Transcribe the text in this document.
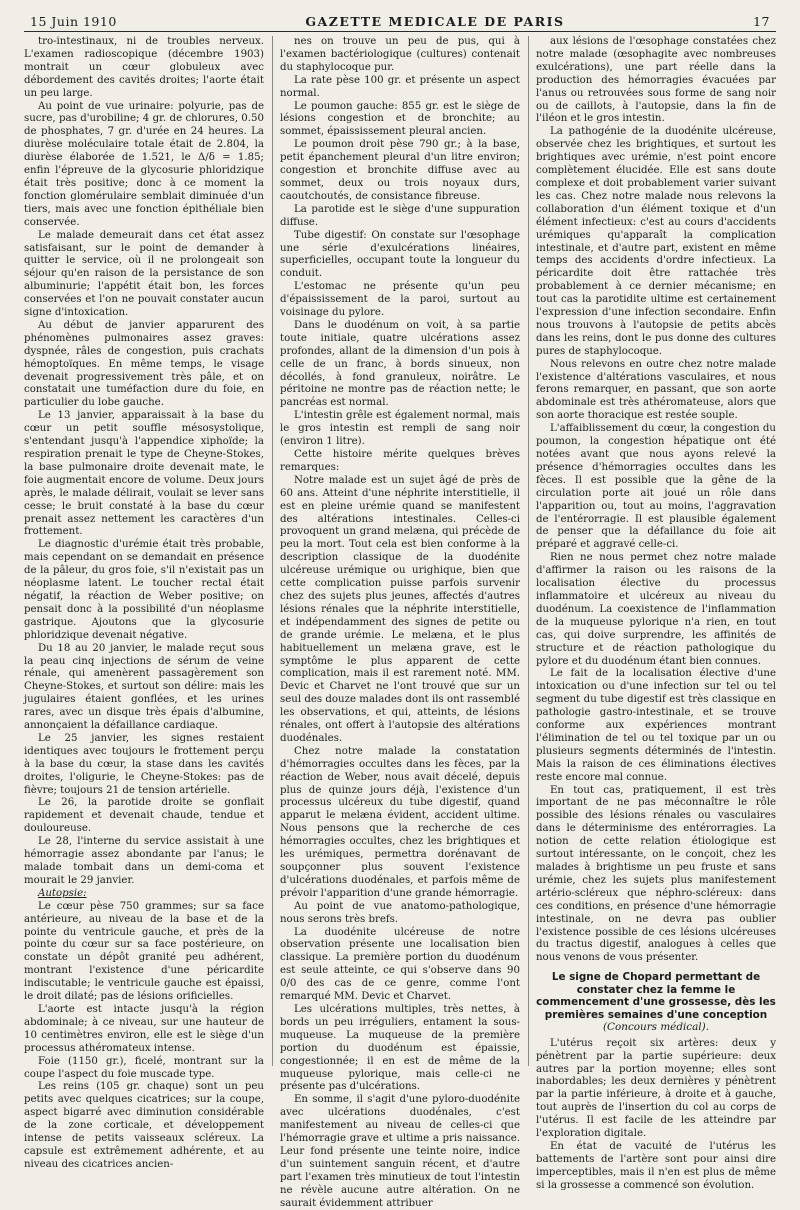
15 Juin 1910	GAZETTE MEDICALE DE PARIS	17

tro-intestinaux, ni de troubles nerveux. L'examen radioscopique (décembre 1903) montrait un cœur globuleux avec débordement des cavités droites; l'aorte était un peu large.

Au point de vue urinaire: polyurie, pas de sucre, pas d'urobiline; 4 gr. de chlorures, 0.50 de phosphates, 7 gr. d'urée en 24 heures. La diurèse moléculaire totale était de 2.804, la diurèse élaborée de 1.521, le Δ/δ = 1.85; enfin l'épreuve de la glycosurie phloridzique était très positive; donc à ce moment la fonction glomérulaire semblait diminuée d'un tiers, mais avec une fonction épithéliale bien conservée.

Le malade demeurait dans cet état assez satisfaisant, sur le point de demander à quitter le service, où il ne prolongeait son séjour qu'en raison de la persistance de son albuminurie; l'appétit était bon, les forces conservées et l'on ne pouvait constater aucun signe d'intoxication.

Au début de janvier apparurent des phénomènes pulmonaires assez graves: dyspnée, râles de congestion, puis crachats hémoptoïques. En même temps, le visage devenait progressivement très pâle, et on constatait une tuméfaction dure du foie, en particulier du lobe gauche.

Le 13 janvier, apparaissait à la base du cœur un petit souffle mésosystolique, s'entendant jusqu'à l'appendice xiphoïde; la respiration prenait le type de Cheyne-Stokes, la base pulmonaire droite devenait mate, le foie augmentait encore de volume. Deux jours après, le malade délirait, voulait se lever sans cesse; le bruit constaté à la base du cœur prenait assez nettement les caractères d'un frottement.

Le diagnostic d'urémie était très probable, mais cependant on se demandait en présence de la pâleur, du gros foie, s'il n'existait pas un néoplasme latent. Le toucher rectal était négatif, la réaction de Weber positive; on pensait donc à la possibilité d'un néoplasme gastrique. Ajoutons que la glycosurie phloridzique devenait négative.

Du 18 au 20 janvier, le malade reçut sous la peau cinq injections de sérum de veine rénale, qui amenèrent passagèrement son Cheyne-Stokes, et surtout son délire: mais les jugulaires étaient gonflées, et les urines rares, avec un disque très épais d'albumine, annonçaient la défaillance cardiaque.

Le 25 janvier, les signes restaient identiques avec toujours le frottement perçu à la base du cœur, la stase dans les cavités droites, l'oligurie, le Cheyne-Stokes: pas de fièvre; toujours 21 de tension artérielle.

Le 26, la parotide droite se gonflait rapidement et devenait chaude, tendue et douloureuse.

Le 28, l'interne du service assistait à une hémorragie assez abondante par l'anus; le malade tombait dans un demi-coma et mourait le 29 janvier.

Autopsie:

Le cœur pèse 750 grammes; sur sa face antérieure, au niveau de la base et de la pointe du ventricule gauche, et près de la pointe du cœur sur sa face postérieure, on constate un dépôt granité peu adhérent, montrant l'existence d'une péricardite indiscutable; le ventricule gauche est épaissi, le droit dilaté; pas de lésions orificielles.

L'aorte est intacte jusqu'à la région abdominale; à ce niveau, sur une hauteur de 10 centimètres environ, elle est le siège d'un processus athéromateux intense.

Foie (1150 gr.), ficelé, montrant sur la coupe l'aspect du foie muscade type.

Les reins (105 gr. chaque) sont un peu petits avec quelques cicatrices; sur la coupe, aspect bigarré avec diminution considérable de la zone corticale, et développement intense de petits vaisseaux scléreux. La capsule est extrêmement adhérente, et au niveau des cicatrices ancien-

nes on trouve un peu de pus, qui à l'examen bactériologique (cultures) contenait du staphylocoque pur.

La rate pèse 100 gr. et présente un aspect normal.

Le poumon gauche: 855 gr. est le siège de lésions congestion et de bronchite; au sommet, épaississement pleural ancien.

Le poumon droit pèse 790 gr.; à la base, petit épanchement pleural d'un litre environ; congestion et bronchite diffuse avec au sommet, deux ou trois noyaux durs, caoutchoutés, de consistance fibreuse.

La parotide est le siège d'une suppuration diffuse.

Tube digestif: On constate sur l'œsophage une série d'exulcérations linéaires, superficielles, occupant toute la longueur du conduit.

L'estomac ne présente qu'un peu d'épaississement de la paroi, surtout au voisinage du pylore.

Dans le duodénum on voit, à sa partie toute initiale, quatre ulcérations assez profondes, allant de la dimension d'un pois à celle de un franc, à bords sinueux, non décollés, à fond granuleux, noirâtre. Le péritoine ne montre pas de réaction nette; le pancréas est normal.

L'intestin grêle est également normal, mais le gros intestin est rempli de sang noir (environ 1 litre).

Cette histoire mérite quelques brèves remarques:

Notre malade est un sujet âgé de près de 60 ans. Atteint d'une néphrite interstitielle, il est en pleine urémie quand se manifestent des altérations intestinales. Celles-ci provoquent un grand melæna, qui précède de peu la mort. Tout cela est bien conforme à la description classique de la duodénite ulcéreuse urémique ou urighique, bien que cette complication puisse parfois survenir chez des sujets plus jeunes, affectés d'autres lésions rénales que la néphrite interstitielle, et indépendamment des signes de petite ou de grande urémie. Le melæna, et le plus habituellement un melæna grave, est le symptôme le plus apparent de cette complication, mais il est rarement noté. MM. Devic et Charvet ne l'ont trouvé que sur un seul des douze malades dont ils ont rassemblé les observations, et qui, atteints, de lésions rénales, ont offert à l'autopsie des altérations duodénales.

Chez notre malade la constatation d'hémorragies occultes dans les fèces, par la réaction de Weber, nous avait décelé, depuis plus de quinze jours déjà, l'existence d'un processus ulcéreux du tube digestif, quand apparut le melæna évident, accident ultime. Nous pensons que la recherche de ces hémorragies occultes, chez les brightiques et les urémiques, permettra dorénavant de soupçonner plus souvent l'existence d'ulcérations duodénales, et parfois même de prévoir l'apparition d'une grande hémorragie.

Au point de vue anatomo-pathologique, nous serons très brefs.

La duodénite ulcéreuse de notre observation présente une localisation bien classique. La première portion du duodénum est seule atteinte, ce qui s'observe dans 90 0/0 des cas de ce genre, comme l'ont remarqué MM. Devic et Charvet.

Les ulcérations multiples, très nettes, à bords un peu irréguliers, entament la sous-muqueuse. La muqueuse de la première portion du duodénum est épaissie, congestionnée; il en est de même de la muqueuse pylorique, mais celle-ci ne présente pas d'ulcérations.

En somme, il s'agit d'une pyloro-duodénite avec ulcérations duodénales, c'est manifestement au niveau de celles-ci que l'hémorragie grave et ultime a pris naissance. Leur fond présente une teinte noire, indice d'un suintement sanguin récent, et d'autre part l'examen très minutieux de tout l'intestin ne révèle aucune autre altération. On ne saurait évidemment attribuer

aux lésions de l'œsophage constatées chez notre malade (œsophagite avec nombreuses exulcérations), une part réelle dans la production des hémorragies évacuées par l'anus ou retrouvées sous forme de sang noir ou de caillots, à l'autopsie, dans la fin de l'iléon et le gros intestin.

La pathogénie de la duodénite ulcéreuse, observée chez les brightiques, et surtout les brightiques avec urémie, n'est point encore complètement élucidée. Elle est sans doute complexe et doit probablement varier suivant les cas. Chez notre malade nous relevons la collaboration d'un élément toxique et d'un élément infectieux: c'est au cours d'accidents urémiques qu'apparaît la complication intestinale, et d'autre part, existent en même temps des accidents d'ordre infectieux. La péricardite doit être rattachée très probablement à ce dernier mécanisme; en tout cas la parotidite ultime est certainement l'expression d'une infection secondaire. Enfin nous trouvons à l'autopsie de petits abcès dans les reins, dont le pus donne des cultures pures de staphylocoque.

Nous relevons en outre chez notre malade l'existence d'altérations vasculaires, et nous ferons remarquer, en passant, que son aorte abdominale est très athéromateuse, alors que son aorte thoracique est restée souple.

L'affaiblissement du cœur, la congestion du poumon, la congestion hépatique ont été notées avant que nous ayons relevé la présence d'hémorragies occultes dans les fèces. Il est possible que la gêne de la circulation porte ait joué un rôle dans l'apparition ou, tout au moins, l'aggravation de l'entérorragie. Il est plausible également de penser que la défaillance du foie ait préparé et aggravé celle-ci.

Rien ne nous permet chez notre malade d'affirmer la raison ou les raisons de la localisation élective du processus inflammatoire et ulcéreux au niveau du duodénum. La coexistence de l'inflammation de la muqueuse pylorique n'a rien, en tout cas, qui doive surprendre, les affinités de structure et de réaction pathologique du pylore et du duodénum étant bien connues.

Le fait de la localisation élective d'une intoxication ou d'une infection sur tel ou tel segment du tube digestif est très classique en pathologie gastro-intestinale, et se trouve conforme aux expériences montrant l'élimination de tel ou tel toxique par un ou plusieurs segments déterminés de l'intestin. Mais la raison de ces éliminations électives reste encore mal connue.

En tout cas, pratiquement, il est très important de ne pas méconnaître le rôle possible des lésions rénales ou vasculaires dans le déterminisme des entérorragies. La notion de cette relation étiologique est surtout intéressante, on le conçoit, chez les malades à brightisme un peu fruste et sans urémie, chez les sujets plus manifestement artério-scléreux que néphro-scléreux: dans ces conditions, en présence d'une hémorragie intestinale, on ne devra pas oublier l'existence possible de ces lésions ulcéreuses du tractus digestif, analogues à celles que nous venons de vous présenter.

Le signe de Chopard permettant de constater chez la femme le commencement d'une grossesse, dès les premières semaines d'une conception (Concours médical).

L'utérus reçoit six artères: deux y pénètrent par la partie supérieure: deux autres par la portion moyenne; elles sont inabordables; les deux dernières y pénètrent par la partie inférieure, à droite et à gauche, tout auprès de l'insertion du col au corps de l'utérus. Il est facile de les atteindre par l'exploration digitale.

En état de vacuité de l'utérus les battements de l'artère sont pour ainsi dire imperceptibles, mais il n'en est plus de même si la grossesse a commencé son évolution.
